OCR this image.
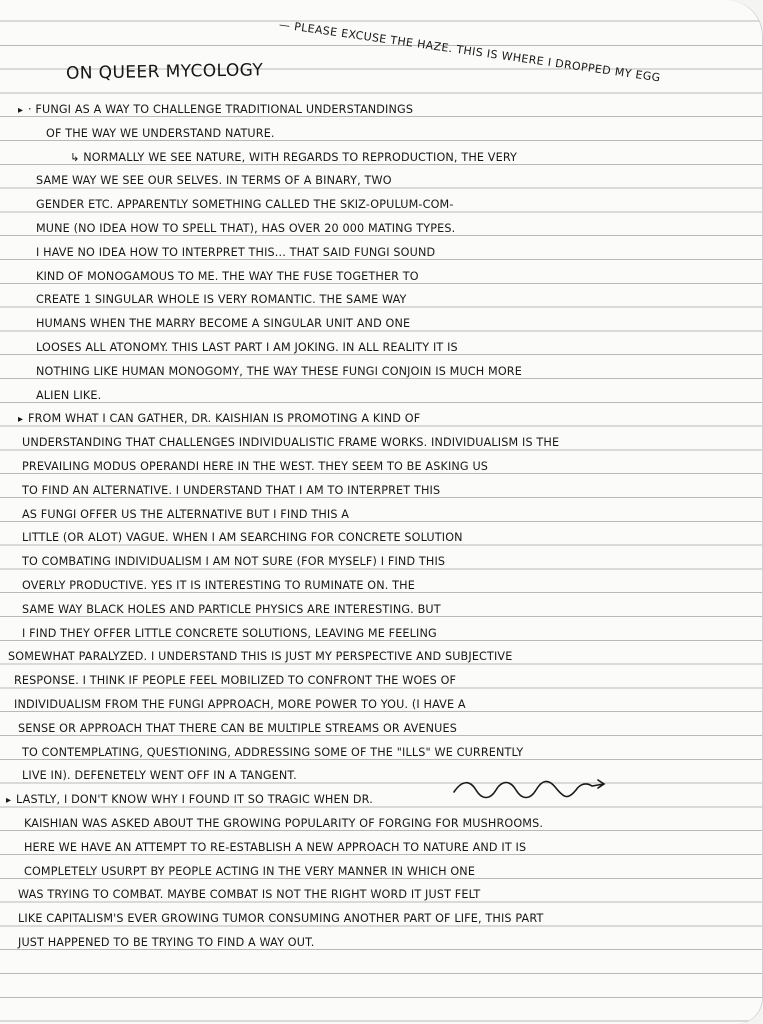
— PLEASE EXCUSE THE HAZE. THIS IS WHERE I DROPPED MY EGG
ON QUEER MYCOLOGY
▸ · FUNGI AS A WAY TO CHALLENGE TRADITIONAL UNDERSTANDINGS
OF THE WAY WE UNDERSTAND NATURE.
↳ NORMALLY WE SEE NATURE, WITH REGARDS TO REPRODUCTION, THE VERY
SAME WAY WE SEE OUR SELVES. IN TERMS OF A BINARY, TWO
GENDER ETC. APPARENTLY SOMETHING CALLED THE SKIZ-OPULUM-COM-
MUNE (NO IDEA HOW TO SPELL THAT), HAS OVER 20 000 MATING TYPES.
I HAVE NO IDEA HOW TO INTERPRET THIS... THAT SAID FUNGI SOUND
KIND OF MONOGAMOUS TO ME. THE WAY THE FUSE TOGETHER TO
CREATE 1 SINGULAR WHOLE IS VERY ROMANTIC. THE SAME WAY
HUMANS WHEN THE MARRY BECOME A SINGULAR UNIT AND ONE
LOOSES ALL ATONOMY. THIS LAST PART I AM JOKING. IN ALL REALITY IT IS
NOTHING LIKE HUMAN MONOGOMY, THE WAY THESE FUNGI CONJOIN IS MUCH MORE
ALIEN LIKE.
▸ FROM WHAT I CAN GATHER, DR. KAISHIAN IS PROMOTING A KIND OF
UNDERSTANDING THAT CHALLENGES INDIVIDUALISTIC FRAME WORKS. INDIVIDUALISM IS THE
PREVAILING MODUS OPERANDI HERE IN THE WEST. THEY SEEM TO BE ASKING US
TO FIND AN ALTERNATIVE. I UNDERSTAND THAT I AM TO INTERPRET THIS
AS FUNGI OFFER US THE ALTERNATIVE BUT I FIND THIS A
LITTLE (OR ALOT) VAGUE. WHEN I AM SEARCHING FOR CONCRETE SOLUTION
TO COMBATING INDIVIDUALISM I AM NOT SURE (FOR MYSELF) I FIND THIS
OVERLY PRODUCTIVE. YES IT IS INTERESTING TO RUMINATE ON. THE
SAME WAY BLACK HOLES AND PARTICLE PHYSICS ARE INTERESTING. BUT
I FIND THEY OFFER LITTLE CONCRETE SOLUTIONS, LEAVING ME FEELING
SOMEWHAT PARALYZED. I UNDERSTAND THIS IS JUST MY PERSPECTIVE AND SUBJECTIVE
RESPONSE. I THINK IF PEOPLE FEEL MOBILIZED TO CONFRONT THE WOES OF
INDIVIDUALISM FROM THE FUNGI APPROACH, MORE POWER TO YOU. (I HAVE A
SENSE OR APPROACH THAT THERE CAN BE MULTIPLE STREAMS OR AVENUES
TO CONTEMPLATING, QUESTIONING, ADDRESSING SOME OF THE "ILLS" WE CURRENTLY
LIVE IN). DEFENETELY WENT OFF IN A TANGENT.
▸ LASTLY, I DON'T KNOW WHY I FOUND IT SO TRAGIC WHEN DR.
KAISHIAN WAS ASKED ABOUT THE GROWING POPULARITY OF FORGING FOR MUSHROOMS.
HERE WE HAVE AN ATTEMPT TO RE-ESTABLISH A NEW APPROACH TO NATURE AND IT IS
COMPLETELY USURPT BY PEOPLE ACTING IN THE VERY MANNER IN WHICH ONE
WAS TRYING TO COMBAT. MAYBE COMBAT IS NOT THE RIGHT WORD IT JUST FELT
LIKE CAPITALISM'S EVER GROWING TUMOR CONSUMING ANOTHER PART OF LIFE, THIS PART
JUST HAPPENED TO BE TRYING TO FIND A WAY OUT.
